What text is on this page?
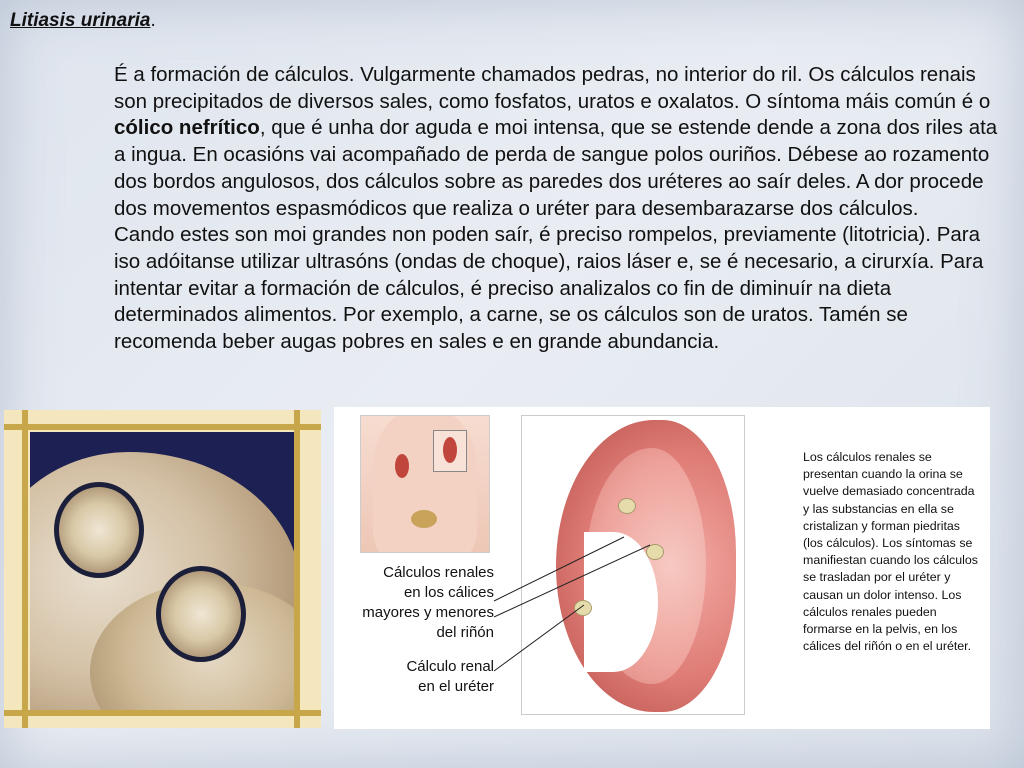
Litiasis urinaria.

É a formación de cálculos. Vulgarmente chamados pedras, no interior do ril. Os cálculos renais son precipitados de diversos sales, como fosfatos, uratos e oxalatos. O síntoma máis común é o cólico nefrítico, que é unha dor aguda e moi intensa, que se estende dende a zona dos riles ata a ingua. En ocasións vai acompañado de perda de sangue polos ouriños. Débese ao rozamento dos bordos angulosos, dos cálculos sobre as paredes dos uréteres ao saír deles. A dor procede dos movementos espasmódicos que realiza o uréter para desembarazarse dos cálculos.

Cando estes son moi grandes non poden saír, é preciso rompelos, previamente (litotricia). Para iso adóitanse utilizar ultrasóns (ondas de choque), raios láser e, se é necesario, a cirurxía. Para intentar evitar a formación de cálculos, é preciso analizalos co fin de diminuír na dieta determinados alimentos. Por exemplo, a carne, se os cálculos son de uratos. Tamén se recomenda beber augas pobres en sales e en grande abundancia.

Cálculos renales
en los cálices
mayores y menores
del riñón
Cálculo renal
en el uréter
Los cálculos renales se presentan cuando la orina se vuelve demasiado concentrada y las substancias en ella se cristalizan y forman piedritas (los cálculos). Los síntomas se manifiestan cuando los cálculos se trasladan por el uréter y causan un dolor intenso. Los cálculos renales pueden formarse en la pelvis, en los cálices del riñón o en el uréter.
